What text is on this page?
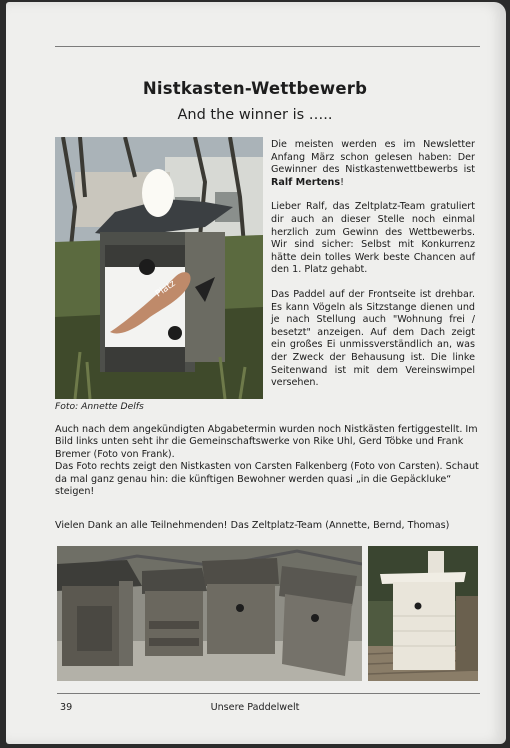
Nistkasten-Wettbewerb
And the winner is …..
Platz
Foto: Annette Delfs

Die meisten werden es im Newsletter Anfang März schon gelesen haben: Der Gewinner des Nistkastenwettbewerbs ist Ralf Mertens!

Lieber Ralf, das Zeltplatz-Team gratuliert dir auch an dieser Stelle noch einmal herzlich zum Gewinn des Wettbewerbs. Wir sind sicher: Selbst mit Konkurrenz hätte dein tolles Werk beste Chancen auf den 1. Platz gehabt.

Das Paddel auf der Frontseite ist drehbar. Es kann Vögeln als Sitzstange dienen und je nach Stellung auch "Wohnung frei / besetzt" anzeigen. Auf dem Dach zeigt ein großes Ei unmissverständlich an, was der Zweck der Behausung ist. Die linke Seitenwand ist mit dem Vereinswimpel versehen.

Auch nach dem angekündigten Abgabetermin wurden noch Nistkästen fertiggestellt. Im Bild links unten seht ihr die Gemeinschaftswerke von Rike Uhl, Gerd Töbke und Frank Bremer (Foto von Frank).

Das Foto rechts zeigt den Nistkasten von Carsten Falkenberg (Foto von Carsten). Schaut da mal ganz genau hin: die künftigen Bewohner werden quasi „in die Gepäckluke“ steigen!

Vielen Dank an alle Teilnehmenden! Das Zeltplatz-Team (Annette, Bernd, Thomas)
39	Unsere Paddelwelt
